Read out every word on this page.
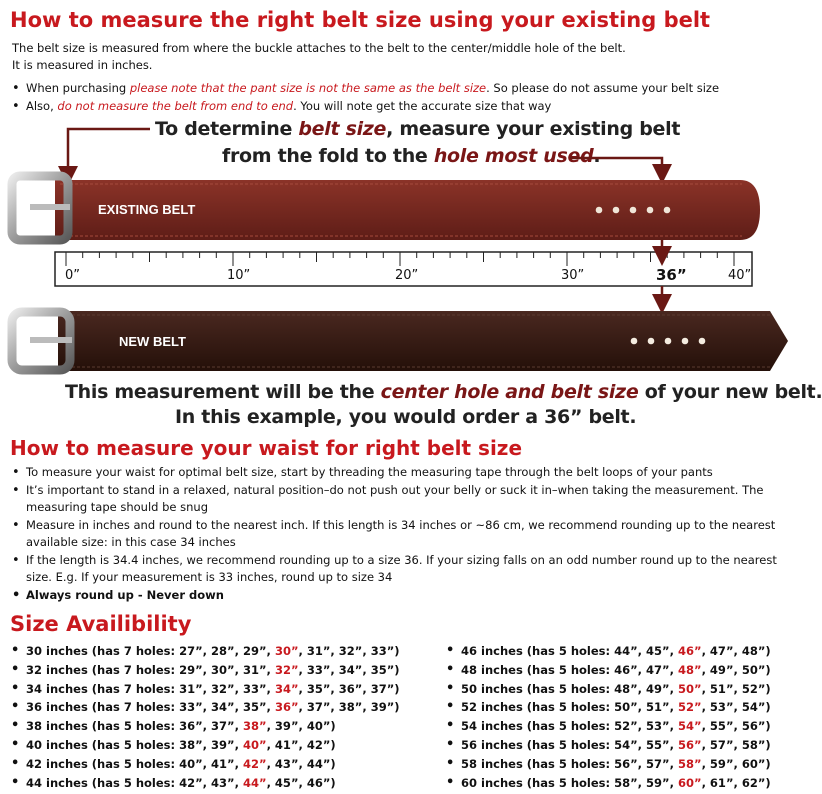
How to measure the right belt size using your existing belt

The belt size is measured from where the buckle attaches to the belt to the center/middle hole of the belt.

It is measured in inches.

• When purchasing please note that the pant size is not the same as the belt size. So please do not assume your belt size
• Also, do not measure the belt from end to end. You will note get the accurate size that way
To determine belt size, measure your existing belt
from the fold to the hole most used.
EXISTING BELT
NEW BELT
0”	10”	20”	30”	36”	40”
This measurement will be the center hole and belt size of your new belt.
In this example, you would order a 36” belt.
How to measure your waist for right belt size
• To measure your waist for optimal belt size, start by threading the measuring tape through the belt loops of your pants
• It’s important to stand in a relaxed, natural position–do not push out your belly or suck it in–when taking the measurement. The measuring tape should be snug
• Measure in inches and round to the nearest inch. If this length is 34 inches or ~86 cm, we recommend rounding up to the nearest available size: in this case 34 inches
• If the length is 34.4 inches, we recommend rounding up to a size 36. If your sizing falls on an odd number round up to the nearest size. E.g. If your measurement is 33 inches, round up to size 34
• Always round up - Never down
Size Availibility
• 30 inches (has 7 holes: 27”, 28”, 29”, 30”, 31”, 32”, 33”)
• 32 inches (has 7 holes: 29”, 30”, 31”, 32”, 33”, 34”, 35”)
• 34 inches (has 7 holes: 31”, 32”, 33”, 34”, 35”, 36”, 37”)
• 36 inches (has 7 holes: 33”, 34”, 35”, 36”, 37”, 38”, 39”)
• 38 inches (has 5 holes: 36”, 37”, 38”, 39”, 40”)
• 40 inches (has 5 holes: 38”, 39”, 40”, 41”, 42”)
• 42 inches (has 5 holes: 40”, 41”, 42”, 43”, 44”)
• 44 inches (has 5 holes: 42”, 43”, 44”, 45”, 46”)
• 46 inches (has 5 holes: 44”, 45”, 46”, 47”, 48”)
• 48 inches (has 5 holes: 46”, 47”, 48”, 49”, 50”)
• 50 inches (has 5 holes: 48”, 49”, 50”, 51”, 52”)
• 52 inches (has 5 holes: 50”, 51”, 52”, 53”, 54”)
• 54 inches (has 5 holes: 52”, 53”, 54”, 55”, 56”)
• 56 inches (has 5 holes: 54”, 55”, 56”, 57”, 58”)
• 58 inches (has 5 holes: 56”, 57”, 58”, 59”, 60”)
• 60 inches (has 5 holes: 58”, 59”, 60”, 61”, 62”)
